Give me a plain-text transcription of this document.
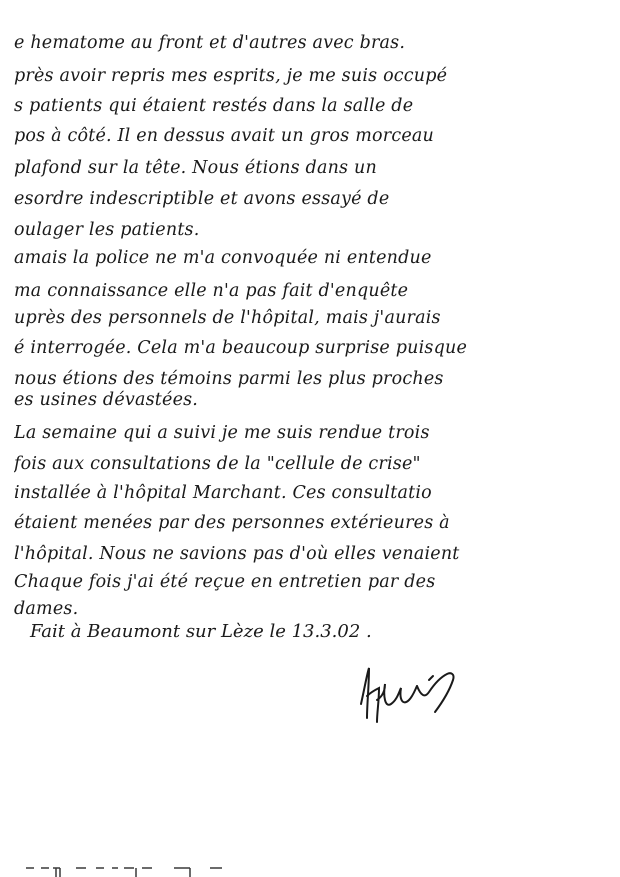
e hematome au front et d'autres avec bras.
près avoir repris mes esprits, je me suis occupé
s patients qui étaient restés dans la salle de
pos à côté. Il en dessus avait un gros morceau
plafond sur la tête. Nous étions dans un
esordre indescriptible et avons essayé de
oulager les patients.
amais la police ne m'a convoquée ni entendue
ma connaissance elle n'a pas fait d'enquête
uprès des personnels de l'hôpital, mais j'aurais
é interrogée. Cela m'a beaucoup surprise puisque
nous étions des témoins parmi les plus proches
es usines dévastées.
La semaine qui a suivi je me suis rendue trois
fois aux consultations de la "cellule de crise"
installée à l'hôpital Marchant. Ces consultatio
étaient menées par des personnes extérieures à
l'hôpital. Nous ne savions pas d'où elles venaient
Chaque fois j'ai été reçue en entretien par des
dames.
Fait à Beaumont sur Lèze le 13.3.02 .
